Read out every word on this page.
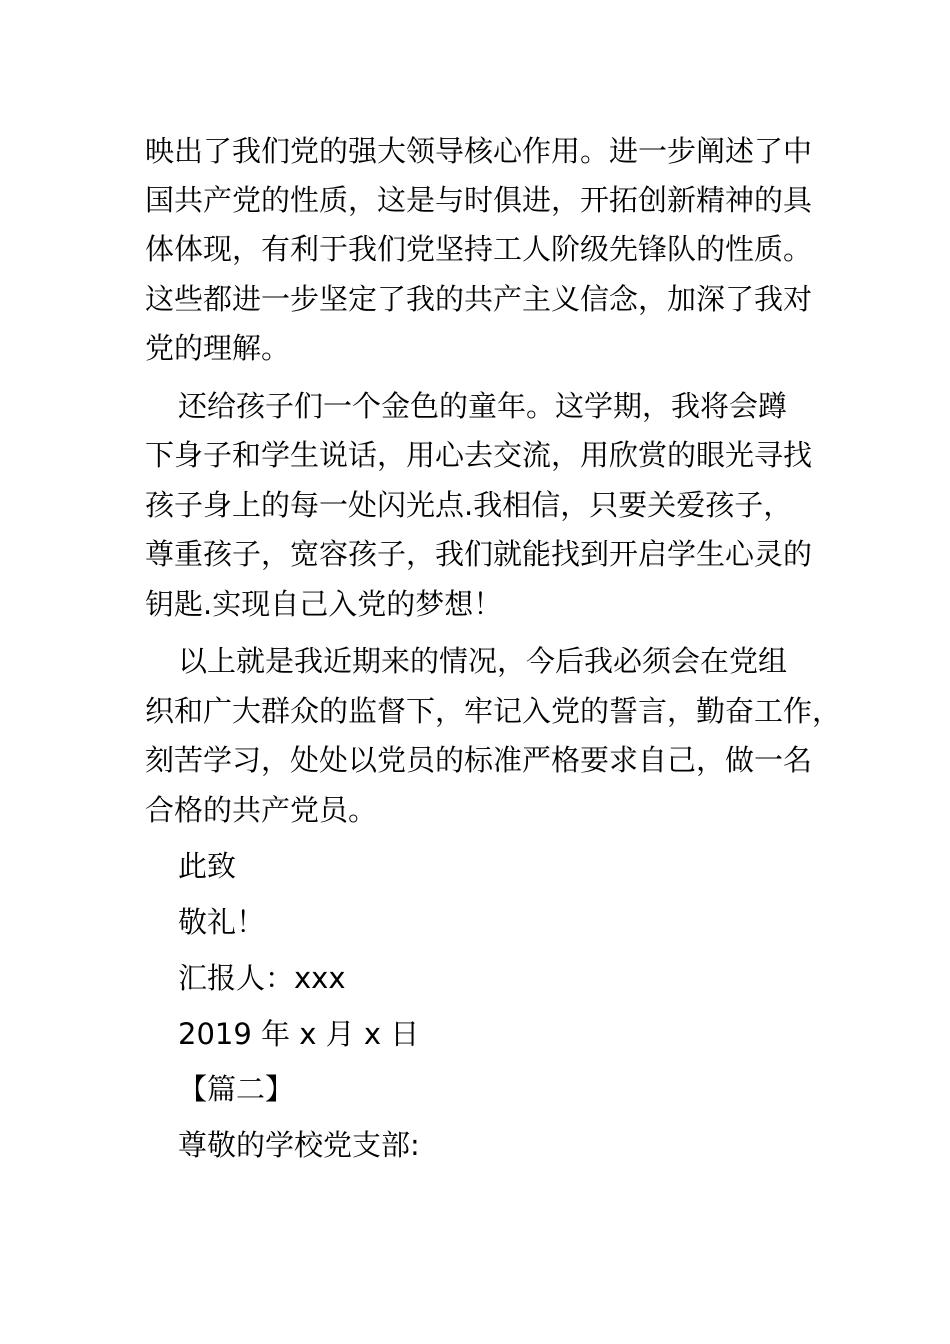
映出了我们党的强大领导核心作用。进一步阐述了中
国共产党的性质，这是与时俱进，开拓创新精神的具
体体现，有利于我们党坚持工人阶级先锋队的性质。
这些都进一步坚定了我的共产主义信念，加深了我对
党的理解。
还给孩子们一个金色的童年。这学期，我将会蹲
下身子和学生说话，用心去交流，用欣赏的眼光寻找
孩子身上的每一处闪光点.我相信，只要关爱孩子，
尊重孩子，宽容孩子，我们就能找到开启学生心灵的
钥匙.实现自己入党的梦想！
以上就是我近期来的情况，今后我必须会在党组
织和广大群众的监督下，牢记入党的誓言，勤奋工作，
刻苦学习，处处以党员的标准严格要求自己，做一名
合格的共产党员。
此致
敬礼！
汇报人：xxx
2019 年 x 月 x 日
【篇二】
尊敬的学校党支部:
